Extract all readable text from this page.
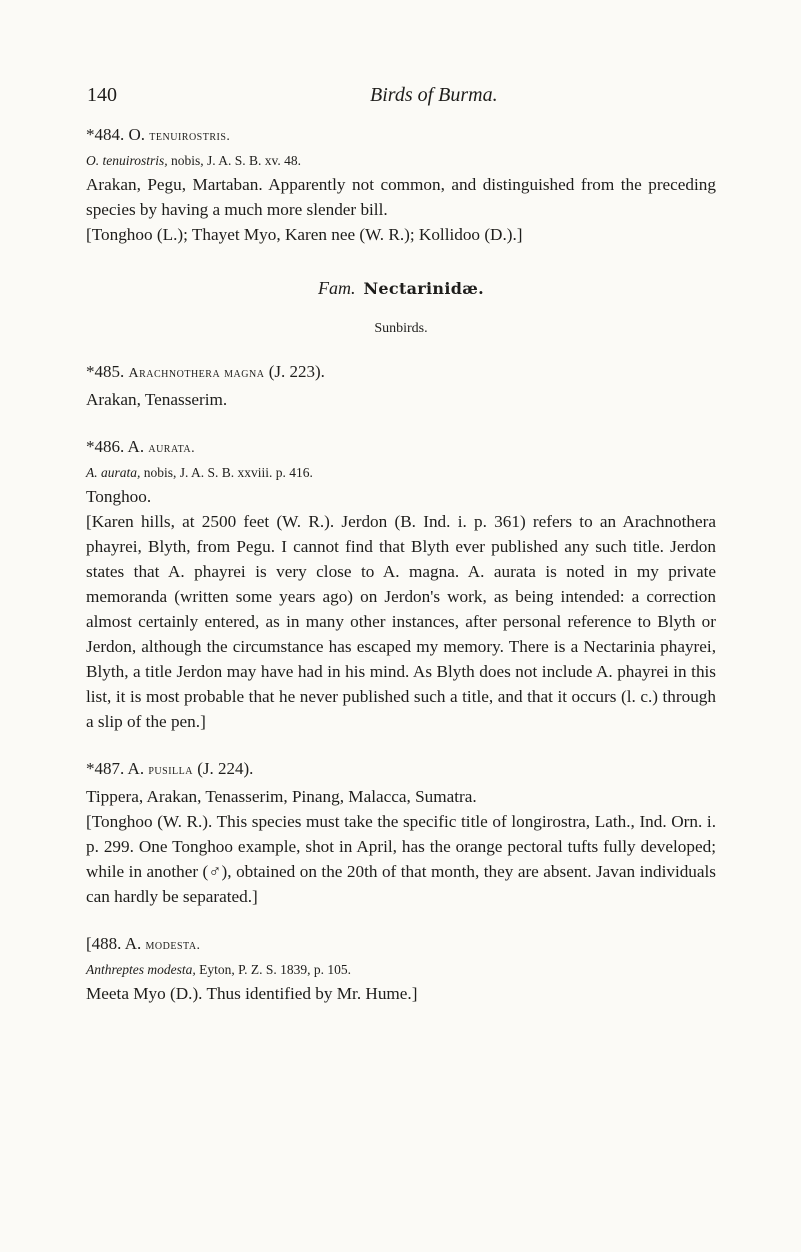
140	Birds of Burma.

*484. O. tenuirostris.

O. tenuirostris, nobis, J. A. S. B. xv. 48.

Arakan, Pegu, Martaban. Apparently not common, and distinguished from the preceding species by having a much more slender bill.

[Tonghoo (L.); Thayet Myo, Karen nee (W. R.); Kollidoo (D.).]

Fam. Nectarinidæ.

Sunbirds.

*485. Arachnothera magna (J. 223).

Arakan, Tenasserim.

*486. A. aurata.

A. aurata, nobis, J. A. S. B. xxviii. p. 416.

Tonghoo.

[Karen hills, at 2500 feet (W. R.). Jerdon (B. Ind. i. p. 361) refers to an Arachnothera phayrei, Blyth, from Pegu. I cannot find that Blyth ever published any such title. Jerdon states that A. phayrei is very close to A. magna. A. aurata is noted in my private memoranda (written some years ago) on Jerdon's work, as being intended: a correction almost certainly entered, as in many other instances, after personal reference to Blyth or Jerdon, although the circumstance has escaped my memory. There is a Nectarinia phayrei, Blyth, a title Jerdon may have had in his mind. As Blyth does not include A. phayrei in this list, it is most probable that he never published such a title, and that it occurs (l. c.) through a slip of the pen.]

*487. A. pusilla (J. 224).

Tippera, Arakan, Tenasserim, Pinang, Malacca, Sumatra.

[Tonghoo (W. R.). This species must take the specific title of longirostra, Lath., Ind. Orn. i. p. 299. One Tonghoo example, shot in April, has the orange pectoral tufts fully developed; while in another (♂), obtained on the 20th of that month, they are absent. Javan individuals can hardly be separated.]

[488. A. modesta.

Anthreptes modesta, Eyton, P. Z. S. 1839, p. 105.

Meeta Myo (D.). Thus identified by Mr. Hume.]
